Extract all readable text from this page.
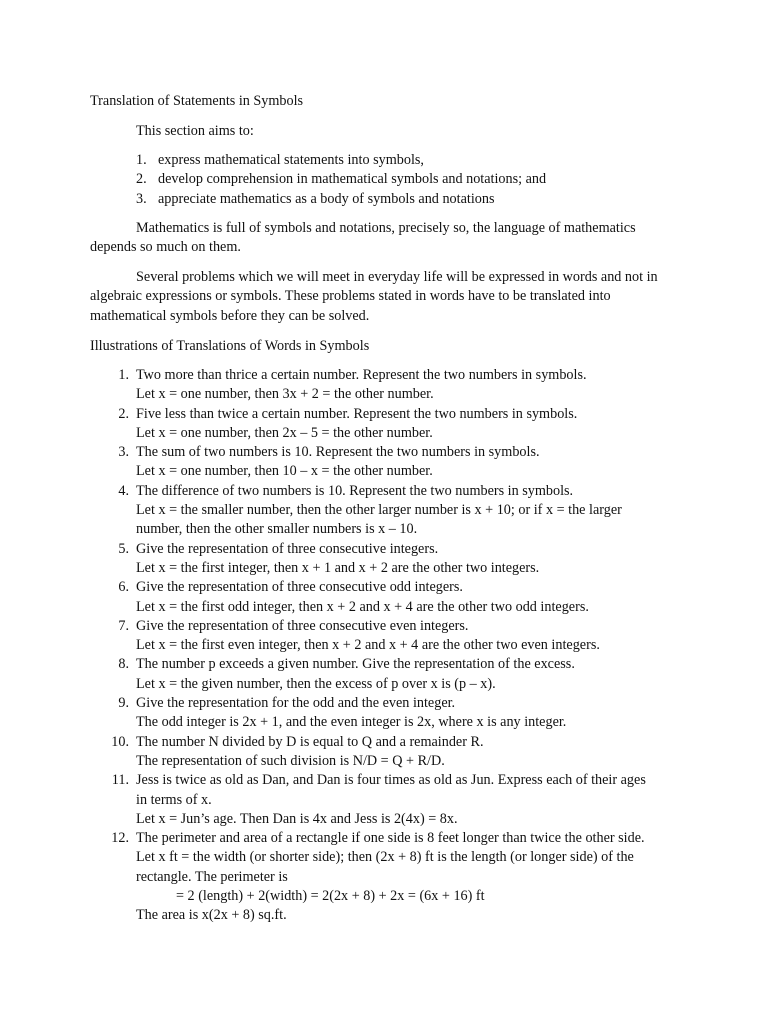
Translation of Statements in Symbols
This section aims to:
1. express mathematical statements into symbols,
2. develop comprehension in mathematical symbols and notations; and
3. appreciate mathematics as a body of symbols and notations

Mathematics is full of symbols and notations, precisely so, the language of mathematics depends so much on them.

Several problems which we will meet in everyday life will be expressed in words and not in algebraic expressions or symbols. These problems stated in words have to be translated into mathematical symbols before they can be solved.

Illustrations of Translations of Words in Symbols
1. Two more than thrice a certain number. Represent the two numbers in symbols.
Let x = one number, then 3x + 2 = the other number.
2. Five less than twice a certain number. Represent the two numbers in symbols.
Let x = one number, then 2x – 5 = the other number.
3. The sum of two numbers is 10. Represent the two numbers in symbols.
Let x = one number, then 10 – x = the other number.
4. The difference of two numbers is 10. Represent the two numbers in symbols.
Let x = the smaller number, then the other larger number is x + 10; or if x = the larger
number, then the other smaller numbers is x – 10.
5. Give the representation of three consecutive integers.
Let x = the first integer, then x + 1 and x + 2 are the other two integers.
6. Give the representation of three consecutive odd integers.
Let x = the first odd integer, then x + 2 and x + 4 are the other two odd integers.
7. Give the representation of three consecutive even integers.
Let x = the first even integer, then x + 2 and x + 4 are the other two even integers.
8. The number p exceeds a given number. Give the representation of the excess.
Let x = the given number, then the excess of p over x is (p – x).
9. Give the representation for the odd and the even integer.
The odd integer is 2x + 1, and the even integer is 2x, where x is any integer.
10. The number N divided by D is equal to Q and a remainder R.
The representation of such division is N/D = Q + R/D.
11. Jess is twice as old as Dan, and Dan is four times as old as Jun. Express each of their ages
in terms of x.
Let x = Jun’s age. Then Dan is 4x and Jess is 2(4x) = 8x.
12. The perimeter and area of a rectangle if one side is 8 feet longer than twice the other side.
Let x ft = the width (or shorter side); then (2x + 8) ft is the length (or longer side) of the
rectangle. The perimeter is
= 2 (length) + 2(width) = 2(2x + 8) + 2x = (6x + 16) ft
The area is x(2x + 8) sq.ft.
